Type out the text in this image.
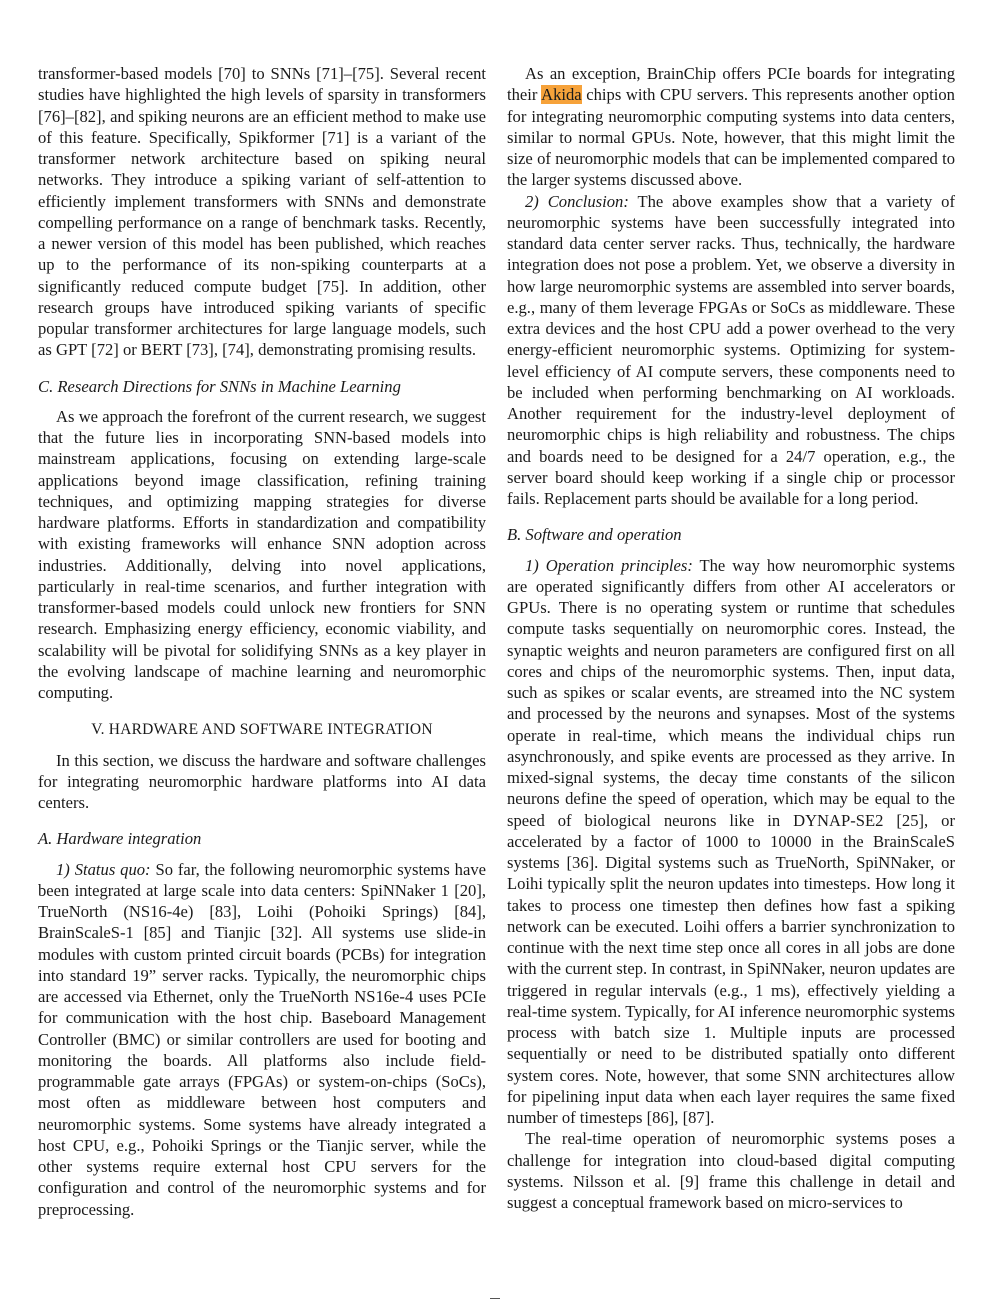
transformer-based models [70] to SNNs [71]–[75]. Several recent studies have highlighted the high levels of sparsity in transformers [76]–[82], and spiking neurons are an efficient method to make use of this feature. Specifically, Spikformer [71] is a variant of the transformer network architecture based on spiking neural networks. They introduce a spiking variant of self-attention to efficiently implement transformers with SNNs and demonstrate compelling performance on a range of benchmark tasks. Recently, a newer version of this model has been published, which reaches up to the performance of its non-spiking counterparts at a significantly reduced compute budget [75]. In addition, other research groups have introduced spiking variants of specific popular transformer architectures for large language models, such as GPT [72] or BERT [73], [74], demonstrating promising results.

C. Research Directions for SNNs in Machine Learning

As we approach the forefront of the current research, we suggest that the future lies in incorporating SNN-based models into mainstream applications, focusing on extending large-scale applications beyond image classification, refining training techniques, and optimizing mapping strategies for diverse hardware platforms. Efforts in standardization and compatibility with existing frameworks will enhance SNN adoption across industries. Additionally, delving into novel applications, particularly in real-time scenarios, and further integration with transformer-based models could unlock new frontiers for SNN research. Emphasizing energy efficiency, economic viability, and scalability will be pivotal for solidifying SNNs as a key player in the evolving landscape of machine learning and neuromorphic computing.

V. HARDWARE AND SOFTWARE INTEGRATION

In this section, we discuss the hardware and software challenges for integrating neuromorphic hardware platforms into AI data centers.

A. Hardware integration

1) Status quo: So far, the following neuromorphic systems have been integrated at large scale into data centers: SpiNNaker 1 [20], TrueNorth (NS16-4e) [83], Loihi (Pohoiki Springs) [84], BrainScaleS-1 [85] and Tianjic [32]. All systems use slide-in modules with custom printed circuit boards (PCBs) for integration into standard 19” server racks. Typically, the neuromorphic chips are accessed via Ethernet, only the TrueNorth NS16e-4 uses PCIe for communication with the host chip. Baseboard Management Controller (BMC) or similar controllers are used for booting and monitoring the boards. All platforms also include field-programmable gate arrays (FPGAs) or system-on-chips (SoCs), most often as middleware between host computers and neuromorphic systems. Some systems have already integrated a host CPU, e.g., Pohoiki Springs or the Tianjic server, while the other systems require external host CPU servers for the configuration and control of the neuromorphic systems and for preprocessing.

As an exception, BrainChip offers PCIe boards for integrating their Akida chips with CPU servers. This represents another option for integrating neuromorphic computing systems into data centers, similar to normal GPUs. Note, however, that this might limit the size of neuromorphic models that can be implemented compared to the larger systems discussed above.

2) Conclusion: The above examples show that a variety of neuromorphic systems have been successfully integrated into standard data center server racks. Thus, technically, the hardware integration does not pose a problem. Yet, we observe a diversity in how large neuromorphic systems are assembled into server boards, e.g., many of them leverage FPGAs or SoCs as middleware. These extra devices and the host CPU add a power overhead to the very energy-efficient neuromorphic systems. Optimizing for system-level efficiency of AI compute servers, these components need to be included when performing benchmarking on AI workloads. Another requirement for the industry-level deployment of neuromorphic chips is high reliability and robustness. The chips and boards need to be designed for a 24/7 operation, e.g., the server board should keep working if a single chip or processor fails. Replacement parts should be available for a long period.

B. Software and operation

1) Operation principles: The way how neuromorphic systems are operated significantly differs from other AI accelerators or GPUs. There is no operating system or runtime that schedules compute tasks sequentially on neuromorphic cores. Instead, the synaptic weights and neuron parameters are configured first on all cores and chips of the neuromorphic systems. Then, input data, such as spikes or scalar events, are streamed into the NC system and processed by the neurons and synapses. Most of the systems operate in real-time, which means the individual chips run asynchronously, and spike events are processed as they arrive. In mixed-signal systems, the decay time constants of the silicon neurons define the speed of operation, which may be equal to the speed of biological neurons like in DYNAP-SE2 [25], or accelerated by a factor of 1000 to 10000 in the BrainScaleS systems [36]. Digital systems such as TrueNorth, SpiNNaker, or Loihi typically split the neuron updates into timesteps. How long it takes to process one timestep then defines how fast a spiking network can be executed. Loihi offers a barrier synchronization to continue with the next time step once all cores in all jobs are done with the current step. In contrast, in SpiNNaker, neuron updates are triggered in regular intervals (e.g., 1 ms), effectively yielding a real-time system. Typically, for AI inference neuromorphic systems process with batch size 1. Multiple inputs are processed sequentially or need to be distributed spatially onto different system cores. Note, however, that some SNN architectures allow for pipelining input data when each layer requires the same fixed number of timesteps [86], [87].

The real-time operation of neuromorphic systems poses a challenge for integration into cloud-based digital computing systems. Nilsson et al. [9] frame this challenge in detail and suggest a conceptual framework based on micro-services to
